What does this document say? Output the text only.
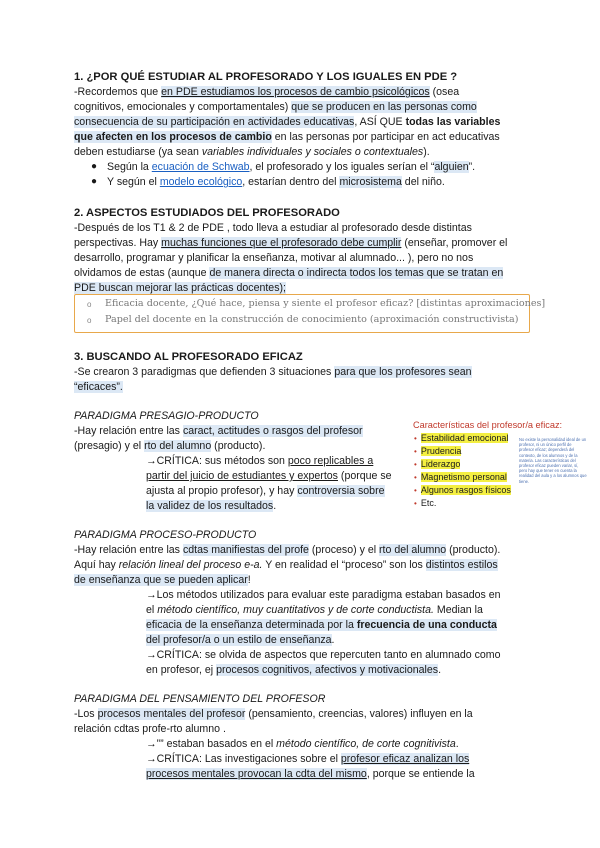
1. ¿POR QUÉ ESTUDIAR AL PROFESORADO Y LOS IGUALES EN PDE ?
-Recordemos que en PDE estudiamos los procesos de cambio psicológicos (osea
cognitivos, emocionales y comportamentales) que se producen en las personas como
consecuencia de su participación en actividades educativas, ASÍ QUE todas las variables
que afecten en los procesos de cambio en las personas por participar en act educativas
deben estudiarse (ya sean variables individuales y sociales o contextuales).
● Según la ecuación de Schwab, el profesorado y los iguales serían el “alguien”.
● Y según el modelo ecológico, estarían dentro del microsistema del niño.
2. ASPECTOS ESTUDIADOS DEL PROFESORADO
-Después de los T1 & 2 de PDE , todo lleva a estudiar al profesorado desde distintas
perspectivas. Hay muchas funciones que el profesorado debe cumplir (enseñar, promover el
desarrollo, programar y planificar la enseñanza, motivar al alumnado... ), pero no nos
olvidamos de estas (aunque de manera directa o indirecta todos los temas que se tratan en
PDE buscan mejorar las prácticas docentes);
o Eficacia docente, ¿Qué hace, piensa y siente el profesor eficaz? [distintas aproximaciones]
o Papel del docente en la construcción de conocimiento (aproximación constructivista)
3. BUSCANDO AL PROFESORADO EFICAZ
-Se crearon 3 paradigmas que defienden 3 situaciones para que los profesores sean
“eficaces”.
PARADIGMA PRESAGIO-PRODUCTO
-Hay relación entre las caract, actitudes o rasgos del profesor
(presagio) y el rto del alumno (producto).
→CRÍTICA: sus métodos son poco replicables a
partir del juicio de estudiantes y expertos (porque se
ajusta al propio profesor), y hay controversia sobre
la validez de los resultados.
Características del profesor/a eficaz:
• Estabilidad emocional
• Prudencia
• Liderazgo
• Magnetismo personal
• Algunos rasgos físicos
• Etc.
No existe la personalidad ideal de un profesor, ni un único perfil de profesor eficaz; dependerá del contexto, de los alumnos y de la materia. Las características del profesor eficaz pueden variar, sí, pero hay que tener en cuenta la realidad del aula y a los alumnos que tiene.
PARADIGMA PROCESO-PRODUCTO
-Hay relación entre las cdtas manifiestas del profe (proceso) y el rto del alumno (producto).
Aquí hay relación lineal del proceso e-a. Y en realidad el “proceso” son los distintos estilos
de enseñanza que se pueden aplicar!
→Los métodos utilizados para evaluar este paradigma estaban basados en
el método científico, muy cuantitativos y de corte conductista. Median la
eficacia de la enseñanza determinada por la frecuencia de una conducta
del profesor/a o un estilo de enseñanza.
→CRÍTICA: se olvida de aspectos que repercuten tanto en alumnado como
en profesor, ej procesos cognitivos, afectivos y motivacionales.
PARADIGMA DEL PENSAMIENTO DEL PROFESOR
-Los procesos mentales del profesor (pensamiento, creencias, valores) influyen en la
relación cdtas profe-rto alumno .
→”” estaban basados en el método científico, de corte cognitivista.
→CRÍTICA: Las investigaciones sobre el profesor eficaz analizan los
procesos mentales provocan la cdta del mismo, porque se entiende la
